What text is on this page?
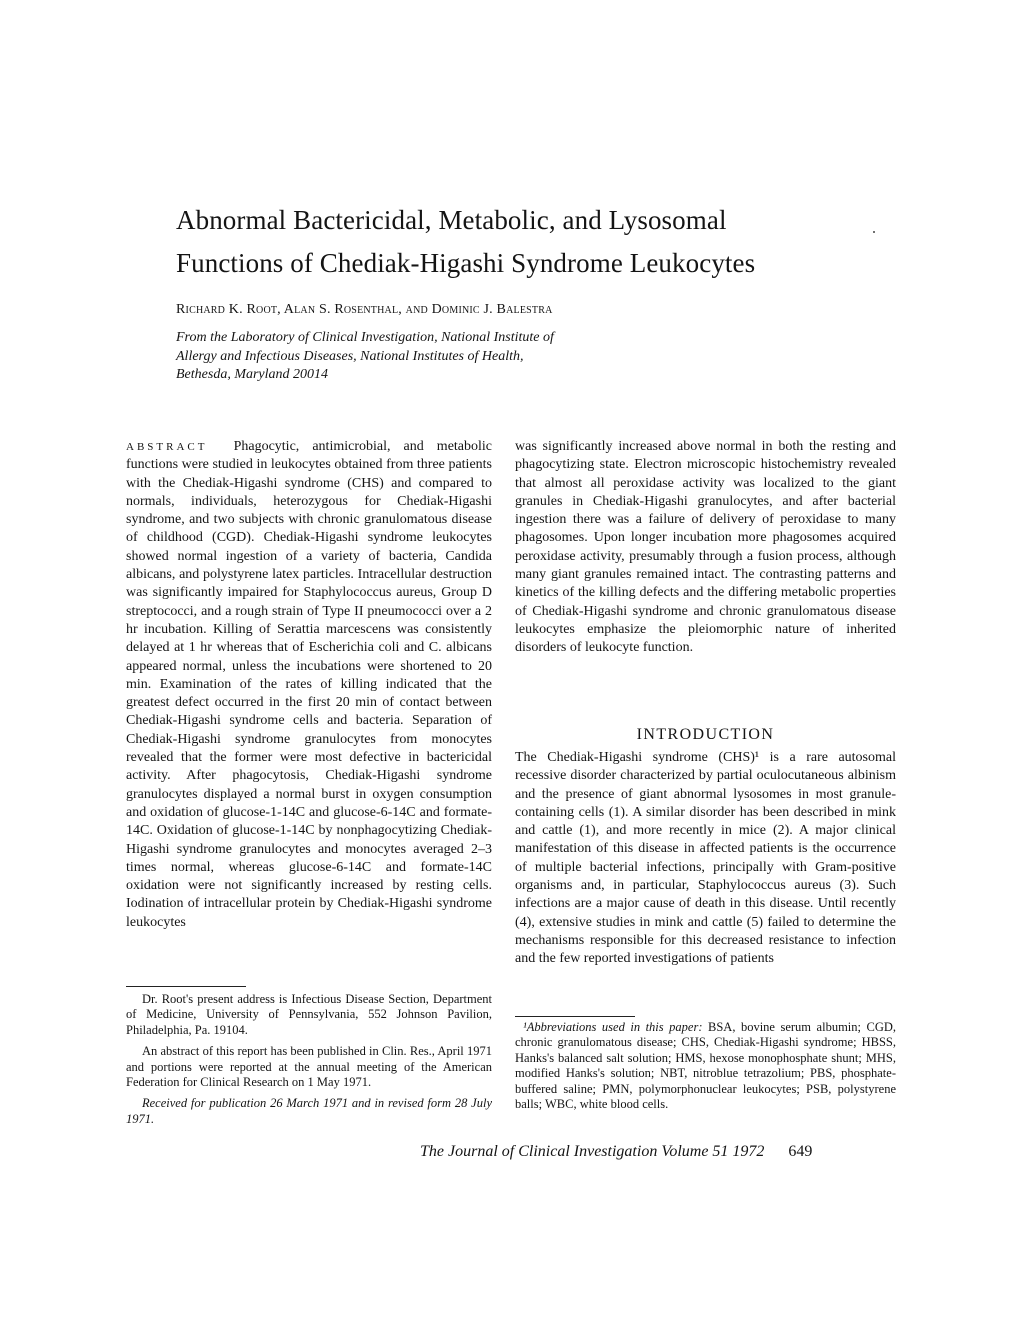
Abnormal Bactericidal, Metabolic, and Lysosomal
Functions of Chediak-Higashi Syndrome Leukocytes
Richard K. Root, Alan S. Rosenthal, and Dominic J. Balestra
From the Laboratory of Clinical Investigation, National Institute of
Allergy and Infectious Diseases, National Institutes of Health,
Bethesda, Maryland 20014

ABSTRACT Phagocytic, antimicrobial, and metabolic functions were studied in leukocytes obtained from three patients with the Chediak-Higashi syndrome (CHS) and compared to normals, individuals, heterozygous for Chediak-Higashi syndrome, and two subjects with chronic granulomatous disease of childhood (CGD). Chediak-Higashi syndrome leukocytes showed normal ingestion of a variety of bacteria, Candida albicans, and polystyrene latex particles. Intracellular destruction was significantly impaired for Staphylococcus aureus, Group D streptococci, and a rough strain of Type II pneumococci over a 2 hr incubation. Killing of Serattia marcescens was consistently delayed at 1 hr whereas that of Escherichia coli and C. albicans appeared normal, unless the incubations were shortened to 20 min. Examination of the rates of killing indicated that the greatest defect occurred in the first 20 min of contact between Chediak-Higashi syndrome cells and bacteria. Separation of Chediak-Higashi syndrome granulocytes from monocytes revealed that the former were most defective in bactericidal activity. After phagocytosis, Chediak-Higashi syndrome granulocytes displayed a normal burst in oxygen consumption and oxidation of glucose-1-14C and glucose-6-14C and formate-14C. Oxidation of glucose-1-14C by nonphagocytizing Chediak-Higashi syndrome granulocytes and monocytes averaged 2–3 times normal, whereas glucose-6-14C and formate-14C oxidation were not significantly increased by resting cells. Iodination of intracellular protein by Chediak-Higashi syndrome leukocytes

was significantly increased above normal in both the resting and phagocytizing state. Electron microscopic histochemistry revealed that almost all peroxidase activity was localized to the giant granules in Chediak-Higashi granulocytes, and after bacterial ingestion there was a failure of delivery of peroxidase to many phagosomes. Upon longer incubation more phagosomes acquired peroxidase activity, presumably through a fusion process, although many giant granules remained intact. The contrasting patterns and kinetics of the killing defects and the differing metabolic properties of Chediak-Higashi syndrome and chronic granulomatous disease leukocytes emphasize the pleiomorphic nature of inherited disorders of leukocyte function.

INTRODUCTION

The Chediak-Higashi syndrome (CHS)¹ is a rare autosomal recessive disorder characterized by partial oculocutaneous albinism and the presence of giant abnormal lysosomes in most granule-containing cells (1). A similar disorder has been described in mink and cattle (1), and more recently in mice (2). A major clinical manifestation of this disease in affected patients is the occurrence of multiple bacterial infections, principally with Gram-positive organisms and, in particular, Staphylococcus aureus (3). Such infections are a major cause of death in this disease. Until recently (4), extensive studies in mink and cattle (5) failed to determine the mechanisms responsible for this decreased resistance to infection and the few reported investigations of patients

Dr. Root's present address is Infectious Disease Section, Department of Medicine, University of Pennsylvania, 552 Johnson Pavilion, Philadelphia, Pa. 19104.

An abstract of this report has been published in Clin. Res., April 1971 and portions were reported at the annual meeting of the American Federation for Clinical Research on 1 May 1971.

Received for publication 26 March 1971 and in revised form 28 July 1971.

¹Abbreviations used in this paper: BSA, bovine serum albumin; CGD, chronic granulomatous disease; CHS, Chediak-Higashi syndrome; HBSS, Hanks's balanced salt solution; HMS, hexose monophosphate shunt; MHS, modified Hanks's solution; NBT, nitroblue tetrazolium; PBS, phosphate-buffered saline; PMN, polymorphonuclear leukocytes; PSB, polystyrene balls; WBC, white blood cells.

The Journal of Clinical Investigation Volume 51 1972 649
